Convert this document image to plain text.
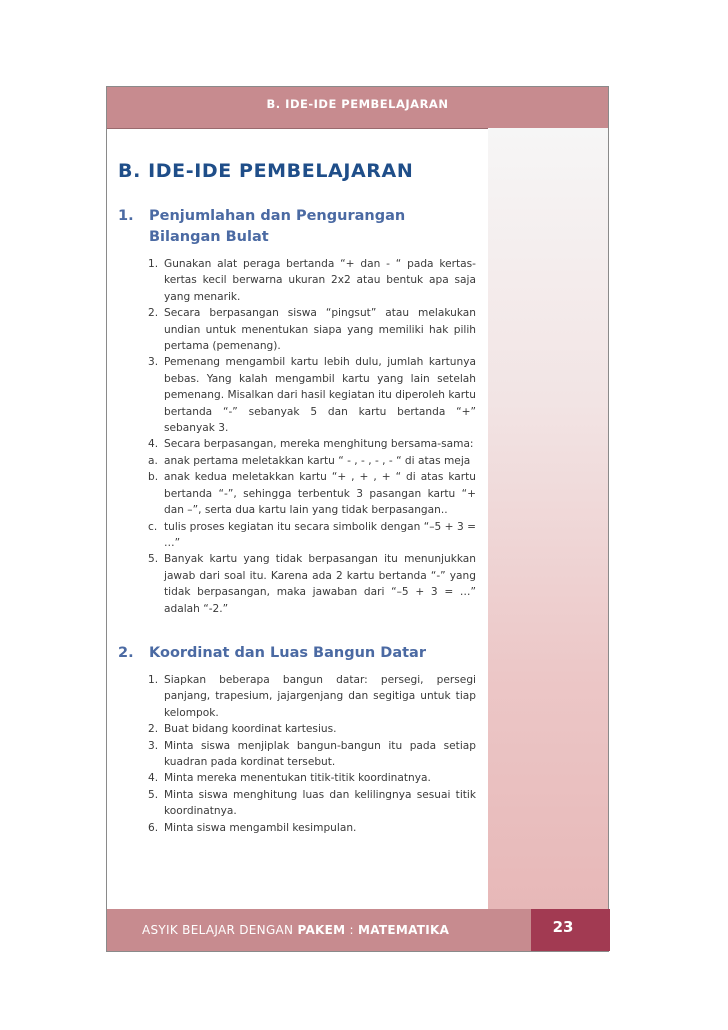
B. IDE-IDE PEMBELAJARAN
ASYIK BELAJAR DENGAN PAKEM : MATEMATIKA	23
B. IDE-IDE PEMBELAJARAN
1.	Penjumlahan dan Pengurangan Bilangan Bulat
1. Gunakan alat peraga bertanda “+ dan - “ pada kertas-kertas kecil berwarna ukuran 2x2 atau bentuk apa saja yang menarik.
2. Secara berpasangan siswa “pingsut” atau melakukan undian untuk menentukan siapa yang memiliki hak pilih pertama (pemenang).
3. Pemenang mengambil kartu lebih dulu, jumlah kartunya bebas. Yang kalah mengambil kartu yang lain setelah pemenang. Misalkan dari hasil kegiatan itu diperoleh kartu bertanda “-” sebanyak 5 dan kartu bertanda “+” sebanyak 3.
4. Secara berpasangan, mereka menghitung bersama-sama:
a. anak pertama meletakkan kartu “ - , - , - , - “ di atas meja
b. anak kedua meletakkan kartu “+ , + , + “ di atas kartu bertanda “-”, sehingga terbentuk 3 pasangan kartu “+ dan –”, serta dua kartu lain yang tidak berpasangan..
c. tulis proses kegiatan itu secara simbolik dengan “–5 + 3 = …”
5. Banyak kartu yang tidak berpasangan itu menunjukkan jawab dari soal itu. Karena ada 2 kartu bertanda “-” yang tidak berpasangan, maka jawaban dari “–5 + 3 = …” adalah “-2.”
2.	Koordinat dan Luas Bangun Datar
1. Siapkan beberapa bangun datar: persegi, persegi panjang, trapesium, jajargenjang dan segitiga untuk tiap kelompok.
2. Buat bidang koordinat kartesius.
3. Minta siswa menjiplak bangun-bangun itu pada setiap kuadran pada kordinat tersebut.
4. Minta mereka menentukan titik-titik koordinatnya.
5. Minta siswa menghitung luas dan kelilingnya sesuai titik koordinatnya.
6. Minta siswa mengambil kesimpulan.
